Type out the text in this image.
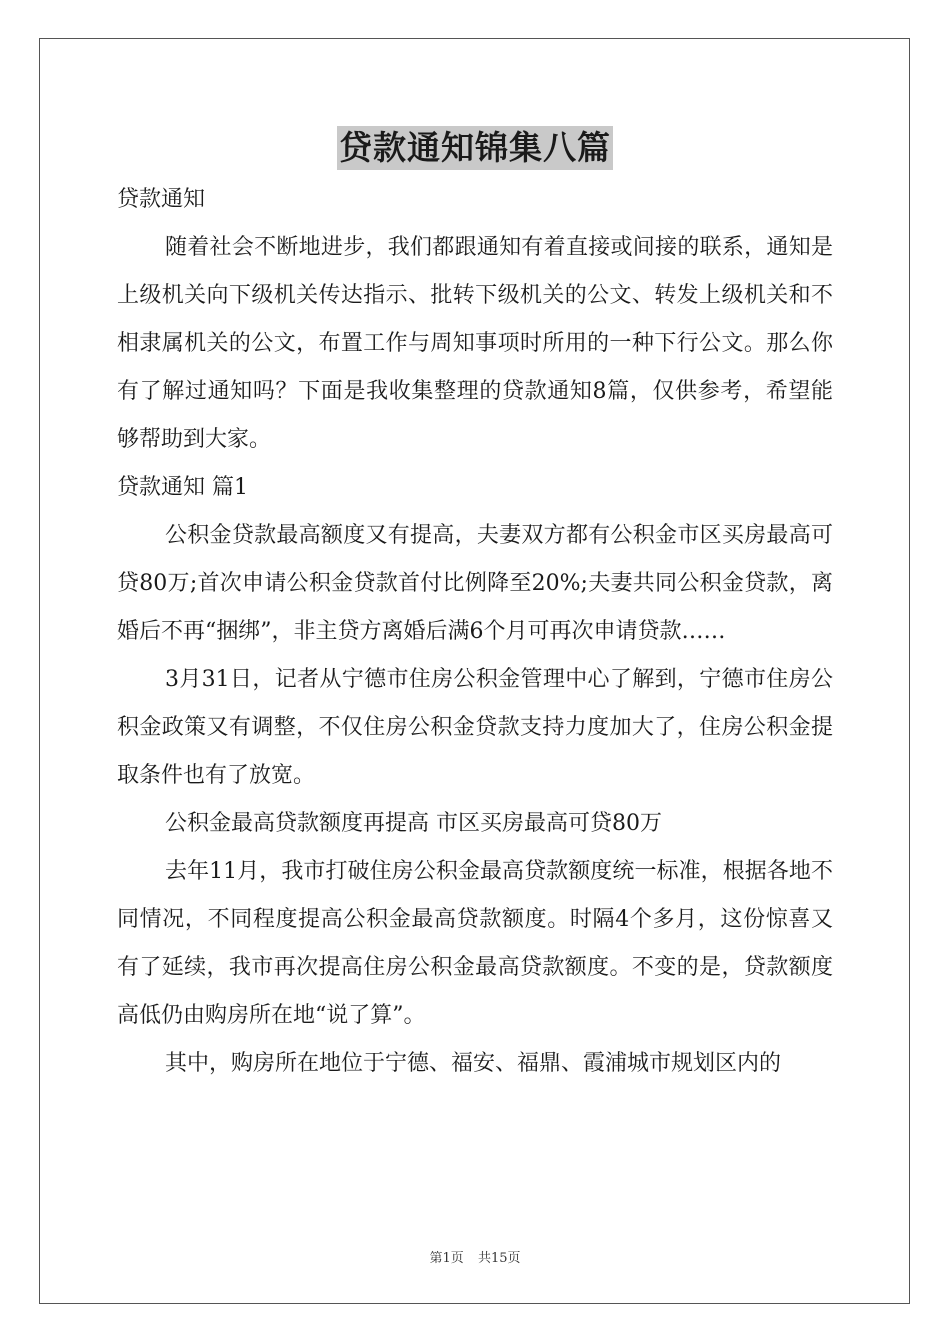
贷款通知锦集八篇

贷款通知

随着社会不断地进步，我们都跟通知有着直接或间接的联系，通知是上级机关向下级机关传达指示、批转下级机关的公文、转发上级机关和不相隶属机关的公文，布置工作与周知事项时所用的一种下行公文。那么你有了解过通知吗？下面是我收集整理的贷款通知8篇，仅供参考，希望能够帮助到大家。

贷款通知 篇1

公积金贷款最高额度又有提高，夫妻双方都有公积金市区买房最高可贷80万;首次申请公积金贷款首付比例降至20%;夫妻共同公积金贷款，离婚后不再“捆绑”，非主贷方离婚后满6个月可再次申请贷款……

3月31日，记者从宁德市住房公积金管理中心了解到，宁德市住房公积金政策又有调整，不仅住房公积金贷款支持力度加大了，住房公积金提取条件也有了放宽。

公积金最高贷款额度再提高 市区买房最高可贷80万

去年11月，我市打破住房公积金最高贷款额度统一标准，根据各地不同情况，不同程度提高公积金最高贷款额度。时隔4个多月，这份惊喜又有了延续，我市再次提高住房公积金最高贷款额度。不变的是，贷款额度高低仍由购房所在地“说了算”。

其中，购房所在地位于宁德、福安、福鼎、霞浦城市规划区内的

第1页 共15页
